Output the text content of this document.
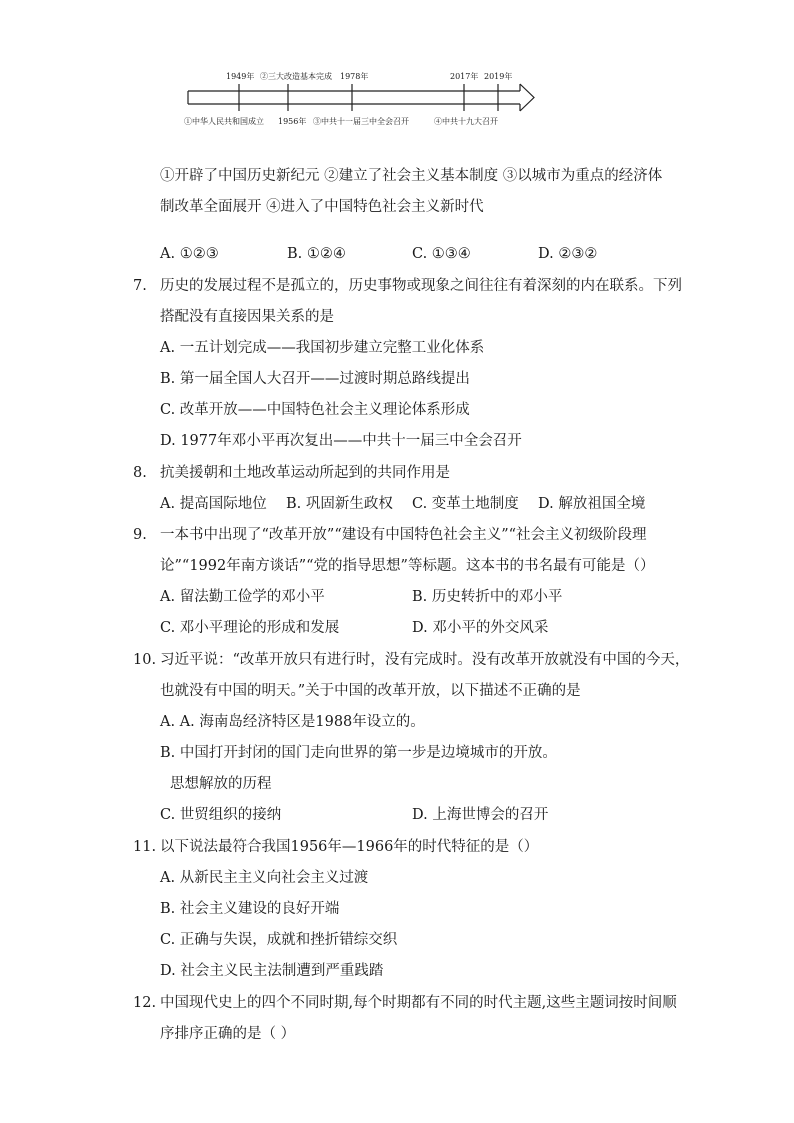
1949年 ②三大改造基本完成 1978年	2017年 2019年
①中华人民共和国成立 1956年 ③中共十一届三中全会召开	④中共十九大召开
①开辟了中国历史新纪元 ②建立了社会主义基本制度 ③以城市为重点的经济体
制改革全面展开 ④进入了中国特色社会主义新时代
A. ①②③	B. ①②④	C. ①③④	D. ②③②
7. 历史的发展过程不是孤立的，历史事物或现象之间往往有着深刻的内在联系。下列
搭配没有直接因果关系的是
A. 一五计划完成——我国初步建立完整工业化体系
B. 第一届全国人大召开——过渡时期总路线提出
C. 改革开放——中国特色社会主义理论体系形成
D. 1977年邓小平再次复出——中共十一届三中全会召开
8. 抗美援朝和土地改革运动所起到的共同作用是
A. 提高国际地位 B. 巩固新生政权 C. 变革土地制度 D. 解放祖国全境
9. 一本书中出现了“改革开放”“建设有中国特色社会主义”“社会主义初级阶段理
论”“1992年南方谈话”“党的指导思想”等标题。这本书的书名最有可能是（）
A. 留法勤工俭学的邓小平	B. 历史转折中的邓小平
C. 邓小平理论的形成和发展	D. 邓小平的外交风采
10. 习近平说：“改革开放只有进行时，没有完成时。没有改革开放就没有中国的今天，
也就没有中国的明天。”关于中国的改革开放，以下描述不正确的是
A. A. 海南岛经济特区是1988年设立的。
B. 中国打开封闭的国门走向世界的第一步是边境城市的开放。
思想解放的历程
C. 世贸组织的接纳	D. 上海世博会的召开
11. 以下说法最符合我国1956年—1966年的时代特征的是（）
A. 从新民主主义向社会主义过渡
B. 社会主义建设的良好开端
C. 正确与失误，成就和挫折错综交织
D. 社会主义民主法制遭到严重践踏
12. 中国现代史上的四个不同时期,每个时期都有不同的时代主题,这些主题词按时间顺
序排序正确的是（ ）
